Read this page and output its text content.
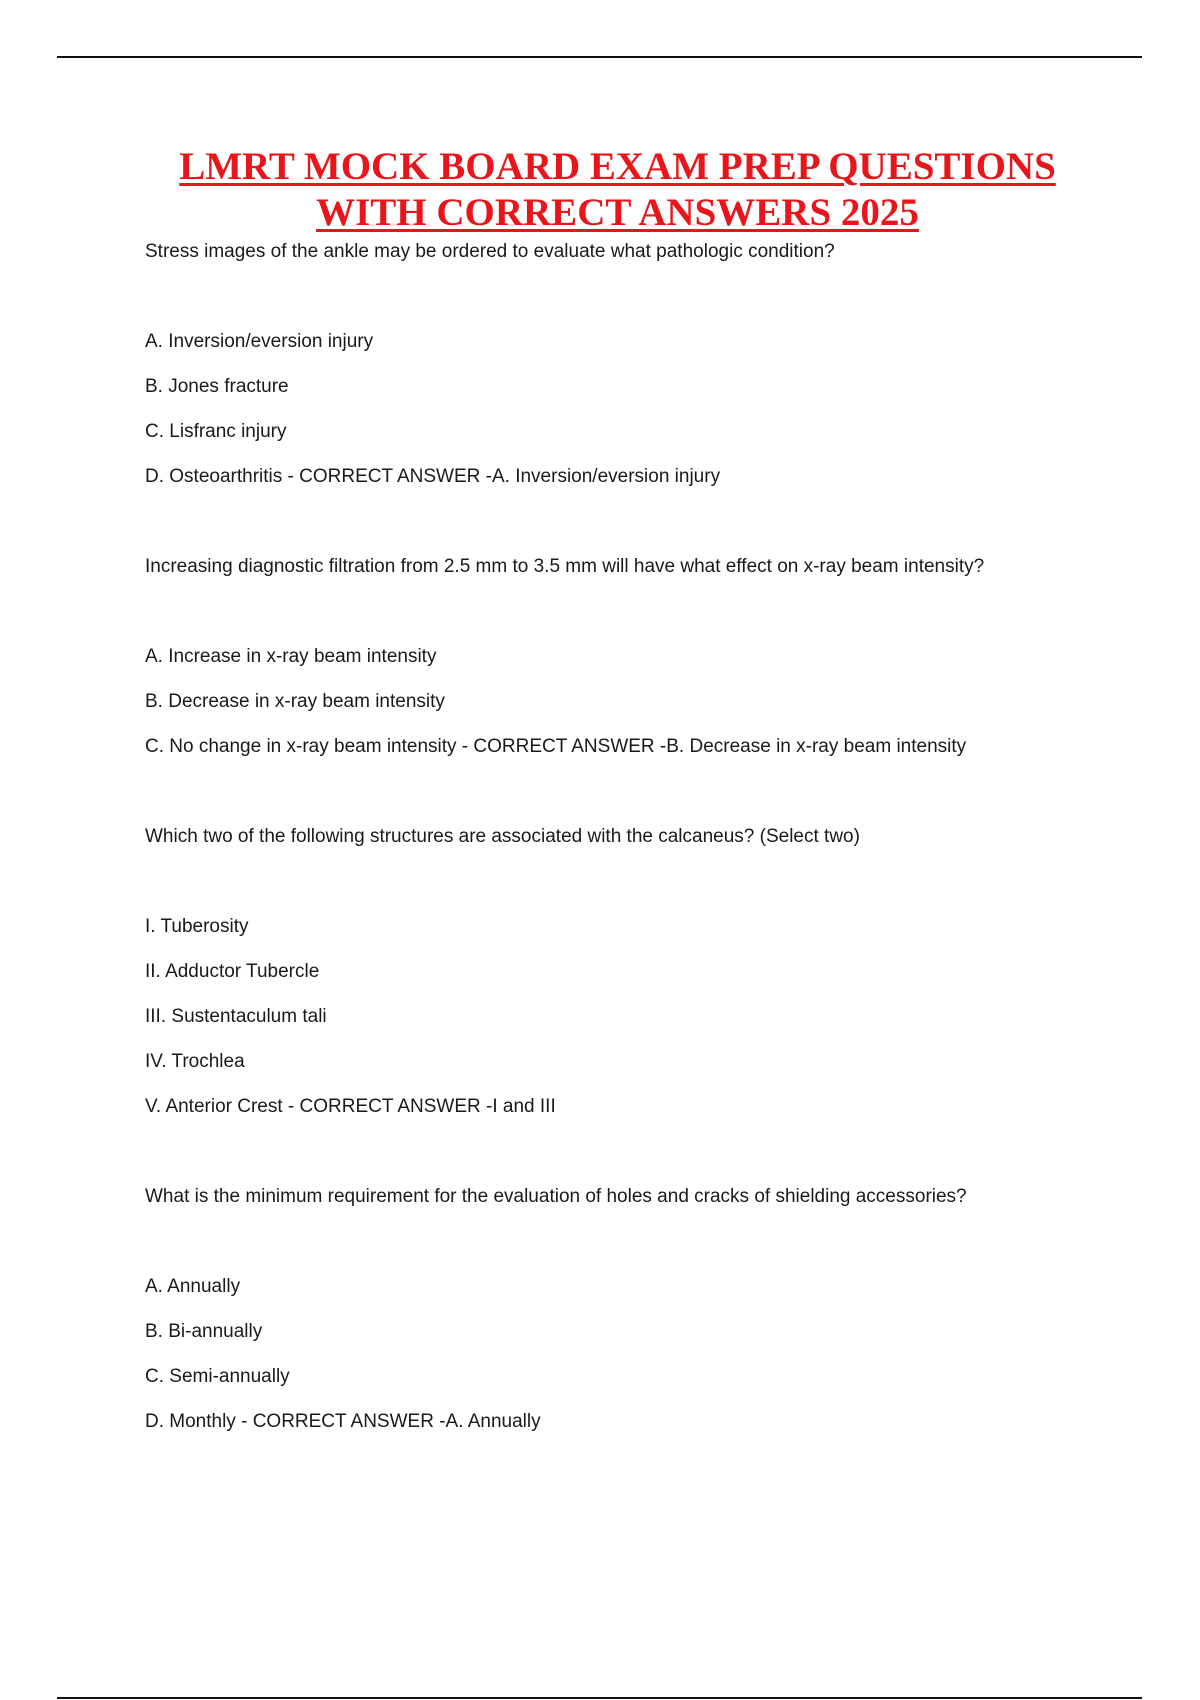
LMRT MOCK BOARD EXAM PREP QUESTIONS
WITH CORRECT ANSWERS 2025

Stress images of the ankle may be ordered to evaluate what pathologic condition?

A. Inversion/eversion injury

B. Jones fracture

C. Lisfranc injury

D. Osteoarthritis - CORRECT ANSWER -A. Inversion/eversion injury

Increasing diagnostic filtration from 2.5 mm to 3.5 mm will have what effect on x-ray beam intensity?

A. Increase in x-ray beam intensity

B. Decrease in x-ray beam intensity

C. No change in x-ray beam intensity - CORRECT ANSWER -B. Decrease in x-ray beam intensity

Which two of the following structures are associated with the calcaneus? (Select two)

I. Tuberosity

II. Adductor Tubercle

III. Sustentaculum tali

IV. Trochlea

V. Anterior Crest - CORRECT ANSWER -I and III

What is the minimum requirement for the evaluation of holes and cracks of shielding accessories?

A. Annually

B. Bi-annually

C. Semi-annually

D. Monthly - CORRECT ANSWER -A. Annually
